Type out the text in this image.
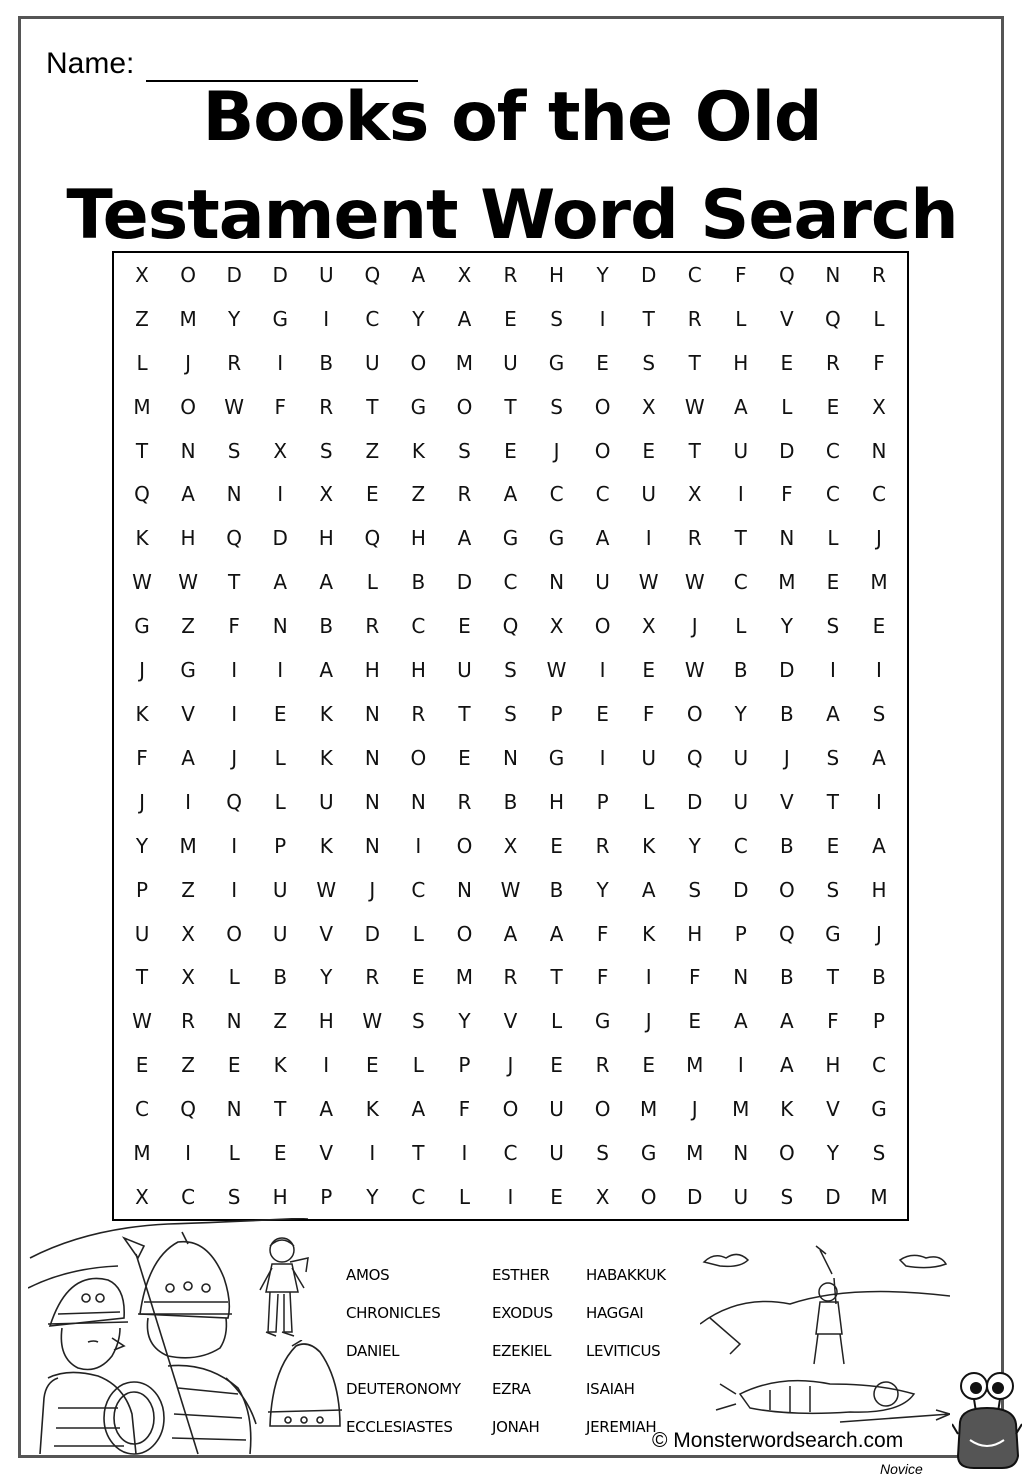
Name:
Books of the Old
Testament Word Search
X	O	D	D	U	Q	A	X	R	H	Y	D	C	F	Q	N	R
Z	M	Y	G	I	C	Y	A	E	S	I	T	R	L	V	Q	L
L	J	R	I	B	U	O	M	U	G	E	S	T	H	E	R	F
M	O	W	F	R	T	G	O	T	S	O	X	W	A	L	E	X
T	N	S	X	S	Z	K	S	E	J	O	E	T	U	D	C	N
Q	A	N	I	X	E	Z	R	A	C	C	U	X	I	F	C	C
K	H	Q	D	H	Q	H	A	G	G	A	I	R	T	N	L	J
W	W	T	A	A	L	B	D	C	N	U	W	W	C	M	E	M
G	Z	F	N	B	R	C	E	Q	X	O	X	J	L	Y	S	E
J	G	I	I	A	H	H	U	S	W	I	E	W	B	D	I	I
K	V	I	E	K	N	R	T	S	P	E	F	O	Y	B	A	S
F	A	J	L	K	N	O	E	N	G	I	U	Q	U	J	S	A
J	I	Q	L	U	N	N	R	B	H	P	L	D	U	V	T	I
Y	M	I	P	K	N	I	O	X	E	R	K	Y	C	B	E	A
P	Z	I	U	W	J	C	N	W	B	Y	A	S	D	O	S	H
U	X	O	U	V	D	L	O	A	A	F	K	H	P	Q	G	J
T	X	L	B	Y	R	E	M	R	T	F	I	F	N	B	T	B
W	R	N	Z	H	W	S	Y	V	L	G	J	E	A	A	F	P
E	Z	E	K	I	E	L	P	J	E	R	E	M	I	A	H	C
C	Q	N	T	A	K	A	F	O	U	O	M	J	M	K	V	G
M	I	L	E	V	I	T	I	C	U	S	G	M	N	O	Y	S
X	C	S	H	P	Y	C	L	I	E	X	O	D	U	S	D	M
AMOS
CHRONICLES
DANIEL
DEUTERONOMY
ECCLESIASTES
ESTHER
EXODUS
EZEKIEL
EZRA
JONAH
HABAKKUK
HAGGAI
LEVITICUS
ISAIAH
JEREMIAH
© Monsterwordsearch.com
Novice
